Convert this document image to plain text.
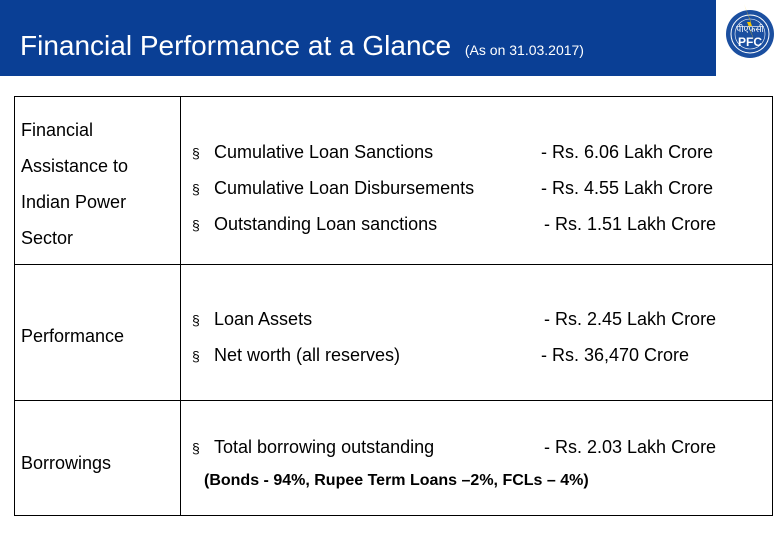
Financial Performance at a Glance (As on 31.03.2017)
पीएफसी
PFC
Financial
Assistance to
Indian Power
Sector
§ Cumulative Loan Sanctions	- Rs. 6.06 Lakh Crore
§ Cumulative Loan Disbursements	- Rs. 4.55 Lakh Crore
§ Outstanding Loan sanctions	- Rs. 1.51 Lakh Crore
Performance
§ Loan Assets	- Rs. 2.45 Lakh Crore
§ Net worth (all reserves)	- Rs. 36,470 Crore
Borrowings
§ Total borrowing outstanding	- Rs. 2.03 Lakh Crore
(Bonds - 94%, Rupee Term Loans –2%, FCLs – 4%)
